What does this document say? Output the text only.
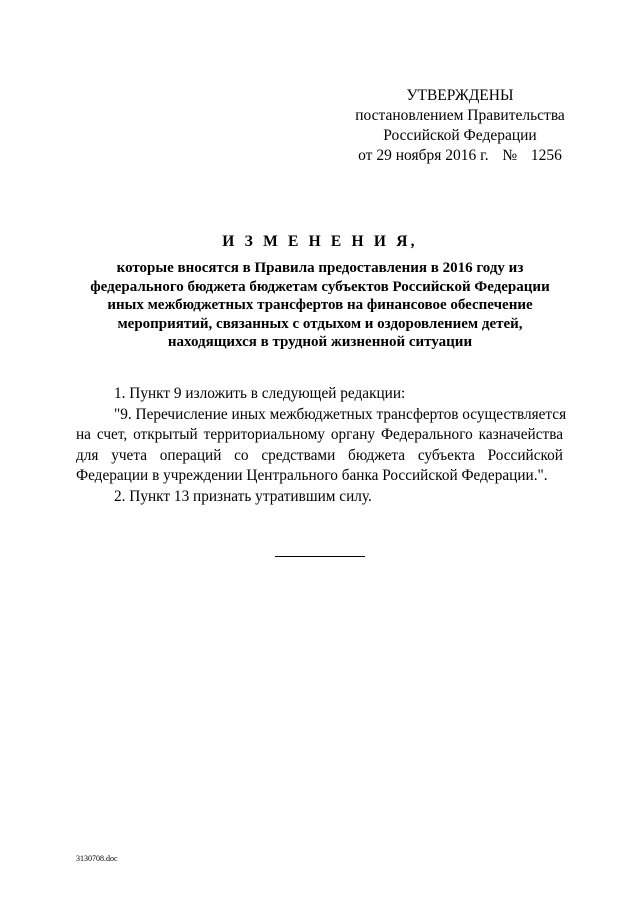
УТВЕРЖДЕНЫ
постановлением Правительства
Российской Федерации
от 29 ноября 2016 г. № 1256
И З М Е Н Е Н И Я,
которые вносятся в Правила предоставления в 2016 году из
федерального бюджета бюджетам субъектов Российской Федерации
иных межбюджетных трансфертов на финансовое обеспечение
мероприятий, связанных с отдыхом и оздоровлением детей,
находящихся в трудной жизненной ситуации

1. Пункт 9 изложить в следующей редакции:

"9. Перечисление иных межбюджетных трансфертов осуществляется
на счет, открытый территориальному органу Федерального казначейства
для учета операций со средствами бюджета субъекта Российской
Федерации в учреждении Центрального банка Российской Федерации.".

2. Пункт 13 признать утратившим силу.

3130708.doc
